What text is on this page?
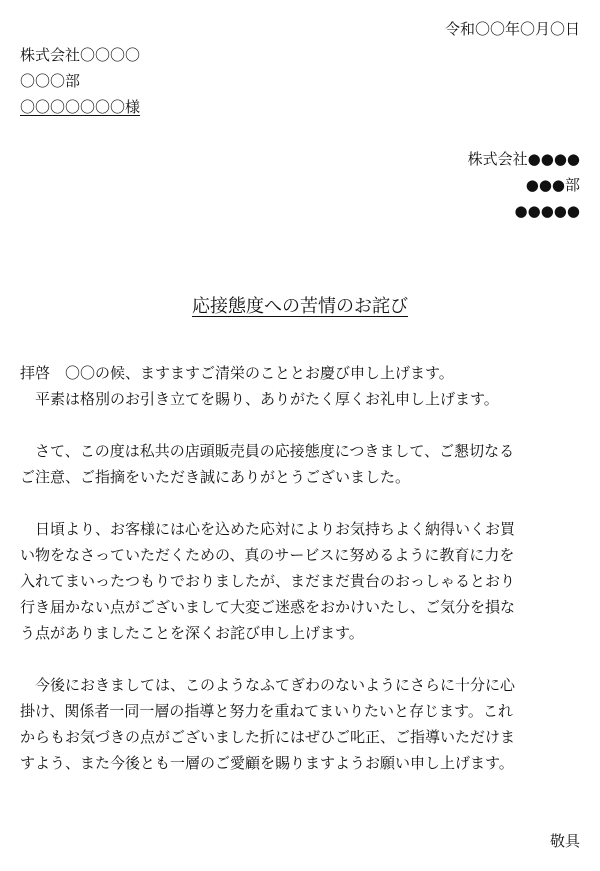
令和〇〇年〇月〇日
株式会社〇〇〇〇
〇〇〇部
〇〇〇〇〇〇〇様
株式会社●●●●
●●●部
●●●●●
応接態度への苦情のお詫び

拝啓　〇〇の候、ますますご清栄のこととお慶び申し上げます。

　平素は格別のお引き立てを賜り、ありがたく厚くお礼申し上げます。

　さて、この度は私共の店頭販売員の応接態度につきまして、ご懇切なる

ご注意、ご指摘をいただき誠にありがとうございました。

　日頃より、お客様には心を込めた応対によりお気持ちよく納得いくお買

い物をなさっていただくための、真のサービスに努めるように教育に力を

入れてまいったつもりでおりましたが、まだまだ貴台のおっしゃるとおり

行き届かない点がございまして大変ご迷惑をおかけいたし、ご気分を損な

う点がありましたことを深くお詫び申し上げます。

　今後におきましては、このようなふてぎわのないようにさらに十分に心

掛け、関係者一同一層の指導と努力を重ねてまいりたいと存じます。これ

からもお気づきの点がございました折にはぜひご叱正、ご指導いただけま

すよう、また今後とも一層のご愛顧を賜りますようお願い申し上げます。

敬具
